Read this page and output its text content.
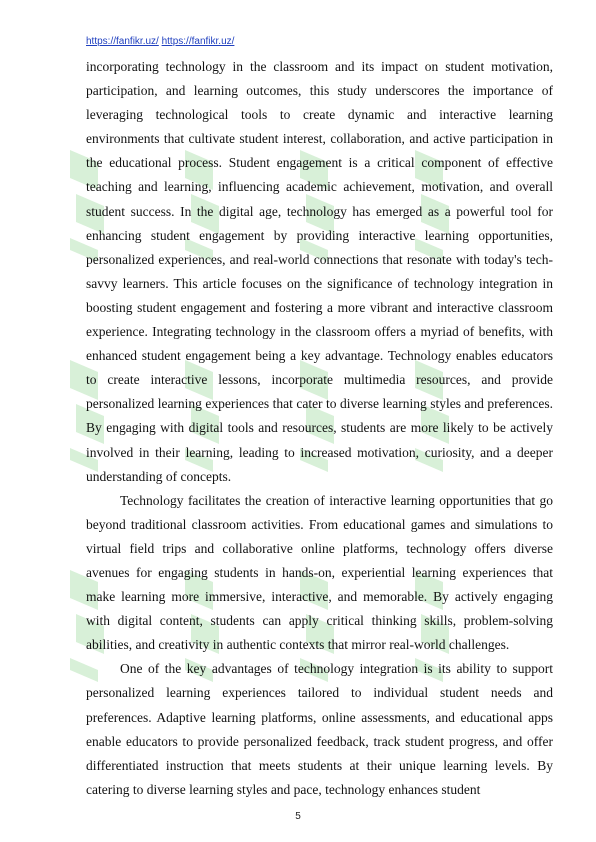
https://fanfikr.uz/ https://fanfikr.uz/

incorporating technology in the classroom and its impact on student motivation, participation, and learning outcomes, this study underscores the importance of leveraging technological tools to create dynamic and interactive learning environments that cultivate student interest, collaboration, and active participation in the educational process. Student engagement is a critical component of effective teaching and learning, influencing academic achievement, motivation, and overall student success. In the digital age, technology has emerged as a powerful tool for enhancing student engagement by providing interactive learning opportunities, personalized experiences, and real-world connections that resonate with today's tech-savvy learners. This article focuses on the significance of technology integration in boosting student engagement and fostering a more vibrant and interactive classroom experience. Integrating technology in the classroom offers a myriad of benefits, with enhanced student engagement being a key advantage. Technology enables educators to create interactive lessons, incorporate multimedia resources, and provide personalized learning experiences that cater to diverse learning styles and preferences. By engaging with digital tools and resources, students are more likely to be actively involved in their learning, leading to increased motivation, curiosity, and a deeper understanding of concepts.

Technology facilitates the creation of interactive learning opportunities that go beyond traditional classroom activities. From educational games and simulations to virtual field trips and collaborative online platforms, technology offers diverse avenues for engaging students in hands-on, experiential learning experiences that make learning more immersive, interactive, and memorable. By actively engaging with digital content, students can apply critical thinking skills, problem-solving abilities, and creativity in authentic contexts that mirror real-world challenges.

One of the key advantages of technology integration is its ability to support personalized learning experiences tailored to individual student needs and preferences. Adaptive learning platforms, online assessments, and educational apps enable educators to provide personalized feedback, track student progress, and offer differentiated instruction that meets students at their unique learning levels. By catering to diverse learning styles and pace, technology enhances student

5
